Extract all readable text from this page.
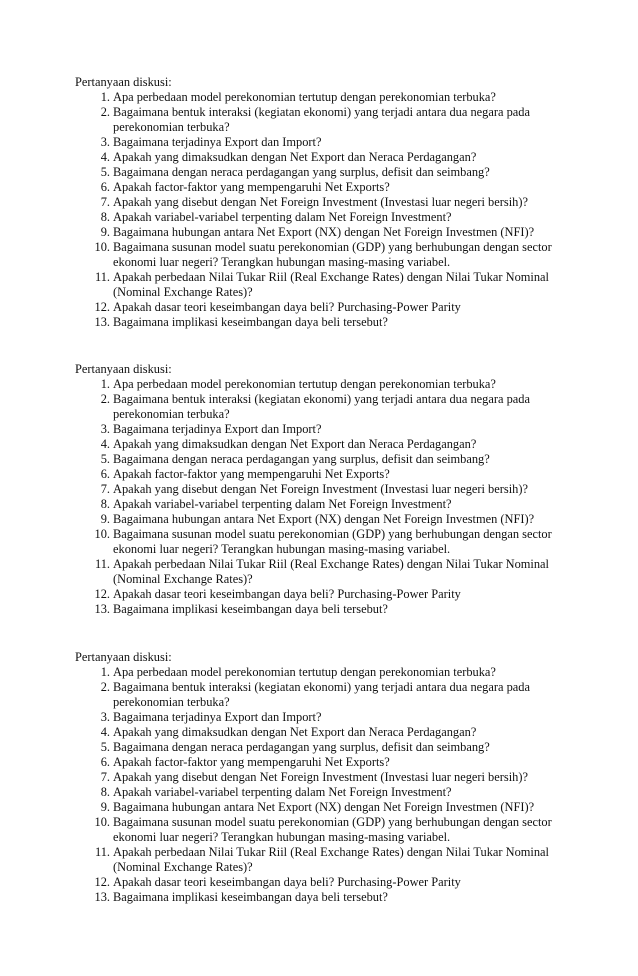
Pertanyaan diskusi:
1. Apa perbedaan model perekonomian tertutup dengan perekonomian terbuka?
2. Bagaimana bentuk interaksi (kegiatan ekonomi) yang terjadi antara dua negara pada
perekonomian terbuka?
3. Bagaimana terjadinya Export dan Import?
4. Apakah yang dimaksudkan dengan Net Export dan Neraca Perdagangan?
5. Bagaimana dengan neraca perdagangan yang surplus, defisit dan seimbang?
6. Apakah factor-faktor yang mempengaruhi Net Exports?
7. Apakah yang disebut dengan Net Foreign Investment (Investasi luar negeri bersih)?
8. Apakah variabel-variabel terpenting dalam Net Foreign Investment?
9. Bagaimana hubungan antara Net Export (NX) dengan Net Foreign Investmen (NFI)?
10. Bagaimana susunan model suatu perekonomian (GDP) yang berhubungan dengan sector
ekonomi luar negeri? Terangkan hubungan masing-masing variabel.
11. Apakah perbedaan Nilai Tukar Riil (Real Exchange Rates) dengan Nilai Tukar Nominal
(Nominal Exchange Rates)?
12. Apakah dasar teori keseimbangan daya beli? Purchasing-Power Parity
13. Bagaimana implikasi keseimbangan daya beli tersebut?
Pertanyaan diskusi:
1. Apa perbedaan model perekonomian tertutup dengan perekonomian terbuka?
2. Bagaimana bentuk interaksi (kegiatan ekonomi) yang terjadi antara dua negara pada
perekonomian terbuka?
3. Bagaimana terjadinya Export dan Import?
4. Apakah yang dimaksudkan dengan Net Export dan Neraca Perdagangan?
5. Bagaimana dengan neraca perdagangan yang surplus, defisit dan seimbang?
6. Apakah factor-faktor yang mempengaruhi Net Exports?
7. Apakah yang disebut dengan Net Foreign Investment (Investasi luar negeri bersih)?
8. Apakah variabel-variabel terpenting dalam Net Foreign Investment?
9. Bagaimana hubungan antara Net Export (NX) dengan Net Foreign Investmen (NFI)?
10. Bagaimana susunan model suatu perekonomian (GDP) yang berhubungan dengan sector
ekonomi luar negeri? Terangkan hubungan masing-masing variabel.
11. Apakah perbedaan Nilai Tukar Riil (Real Exchange Rates) dengan Nilai Tukar Nominal
(Nominal Exchange Rates)?
12. Apakah dasar teori keseimbangan daya beli? Purchasing-Power Parity
13. Bagaimana implikasi keseimbangan daya beli tersebut?
Pertanyaan diskusi:
1. Apa perbedaan model perekonomian tertutup dengan perekonomian terbuka?
2. Bagaimana bentuk interaksi (kegiatan ekonomi) yang terjadi antara dua negara pada
perekonomian terbuka?
3. Bagaimana terjadinya Export dan Import?
4. Apakah yang dimaksudkan dengan Net Export dan Neraca Perdagangan?
5. Bagaimana dengan neraca perdagangan yang surplus, defisit dan seimbang?
6. Apakah factor-faktor yang mempengaruhi Net Exports?
7. Apakah yang disebut dengan Net Foreign Investment (Investasi luar negeri bersih)?
8. Apakah variabel-variabel terpenting dalam Net Foreign Investment?
9. Bagaimana hubungan antara Net Export (NX) dengan Net Foreign Investmen (NFI)?
10. Bagaimana susunan model suatu perekonomian (GDP) yang berhubungan dengan sector
ekonomi luar negeri? Terangkan hubungan masing-masing variabel.
11. Apakah perbedaan Nilai Tukar Riil (Real Exchange Rates) dengan Nilai Tukar Nominal
(Nominal Exchange Rates)?
12. Apakah dasar teori keseimbangan daya beli? Purchasing-Power Parity
13. Bagaimana implikasi keseimbangan daya beli tersebut?
